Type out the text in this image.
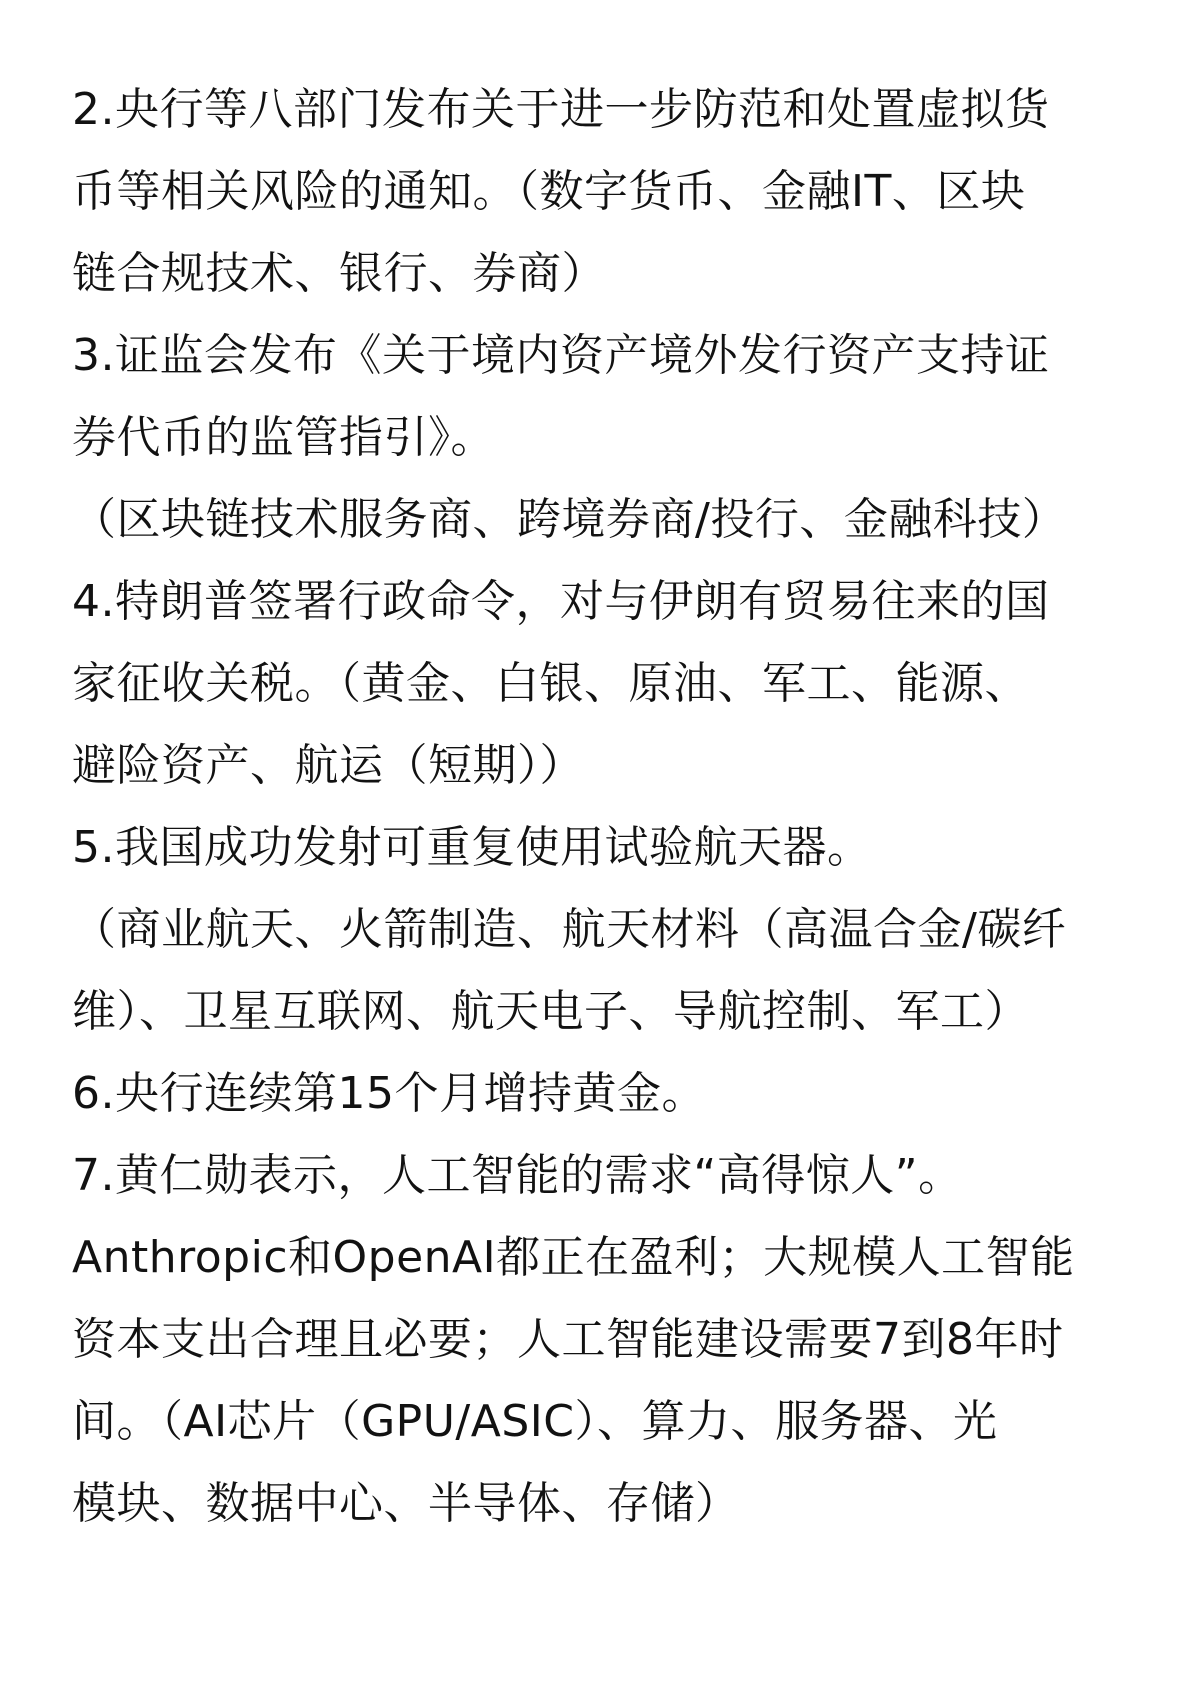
2.央行等八部门发布关于进一步防范和处置虚拟货

币等相关风险的通知。（数字货币、金融IT、区块

链合规技术、银行、券商）

3.证监会发布《关于境内资产境外发行资产支持证

券代币的监管指引》。

（区块链技术服务商、跨境券商/投行、金融科技）

4.特朗普签署行政命令，对与伊朗有贸易往来的国

家征收关税。（黄金、白银、原油、军工、能源、

避险资产、航运（短期））

5.我国成功发射可重复使用试验航天器。

（商业航天、火箭制造、航天材料（高温合金/碳纤

维）、卫星互联网、航天电子、导航控制、军工）

6.央行连续第15个月增持黄金。

7.黄仁勋表示，人工智能的需求“高得惊人”。

Anthropic和OpenAI都正在盈利；大规模人工智能

资本支出合理且必要；人工智能建设需要7到8年时

间。（AI芯片（GPU/ASIC）、算力、服务器、光

模块、数据中心、半导体、存储）
